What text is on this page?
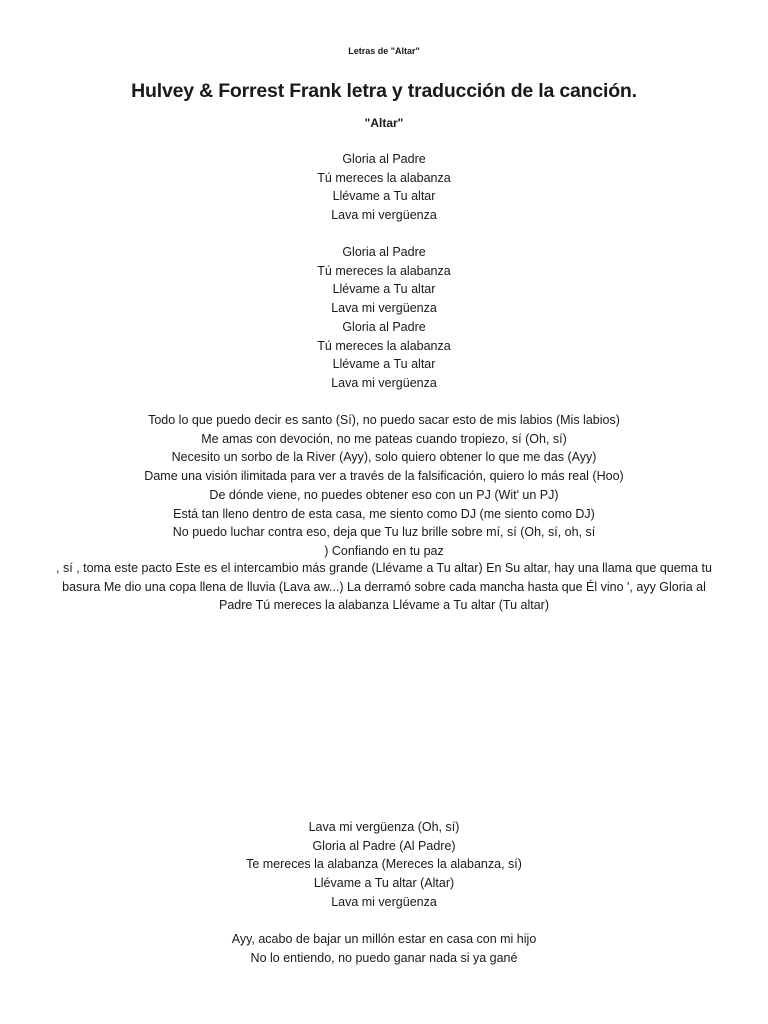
Letras de "Altar"
Hulvey & Forrest Frank letra y traducción de la canción.
"Altar"
Gloria al Padre
Tú mereces la alabanza
Llévame a Tu altar
Lava mi vergüenza
Gloria al Padre
Tú mereces la alabanza
Llévame a Tu altar
Lava mi vergüenza
Gloria al Padre
Tú mereces la alabanza
Llévame a Tu altar
Lava mi vergüenza
Todo lo que puedo decir es santo (Sí), no puedo sacar esto de mis labios (Mis labios)
Me amas con devoción, no me pateas cuando tropiezo, sí (Oh, sí)
Necesito un sorbo de la River (Ayy), solo quiero obtener lo que me das (Ayy)
Dame una visión ilimitada para ver a través de la falsificación, quiero lo más real (Hoo)
De dónde viene, no puedes obtener eso con un PJ (Wit' un PJ)
Está tan lleno dentro de esta casa, me siento como DJ (me siento como DJ)
No puedo luchar contra eso, deja que Tu luz brille sobre mí, sí (Oh, sí, oh, sí
) Confiando en tu paz
, sí , toma este pacto Este es el intercambio más grande (Llévame a Tu altar) En Su altar, hay una llama que quema tu basura Me dio una copa llena de lluvia (Lava aw...) La derramó sobre cada mancha hasta que Él vino ', ayy Gloria al Padre Tú mereces la alabanza Llévame a Tu altar (Tu altar)
Lava mi vergüenza (Oh, sí)
Gloria al Padre (Al Padre)
Te mereces la alabanza (Mereces la alabanza, sí)
Llévame a Tu altar (Altar)
Lava mi vergüenza
Ayy, acabo de bajar un millón estar en casa con mi hijo
No lo entiendo, no puedo ganar nada si ya gané
